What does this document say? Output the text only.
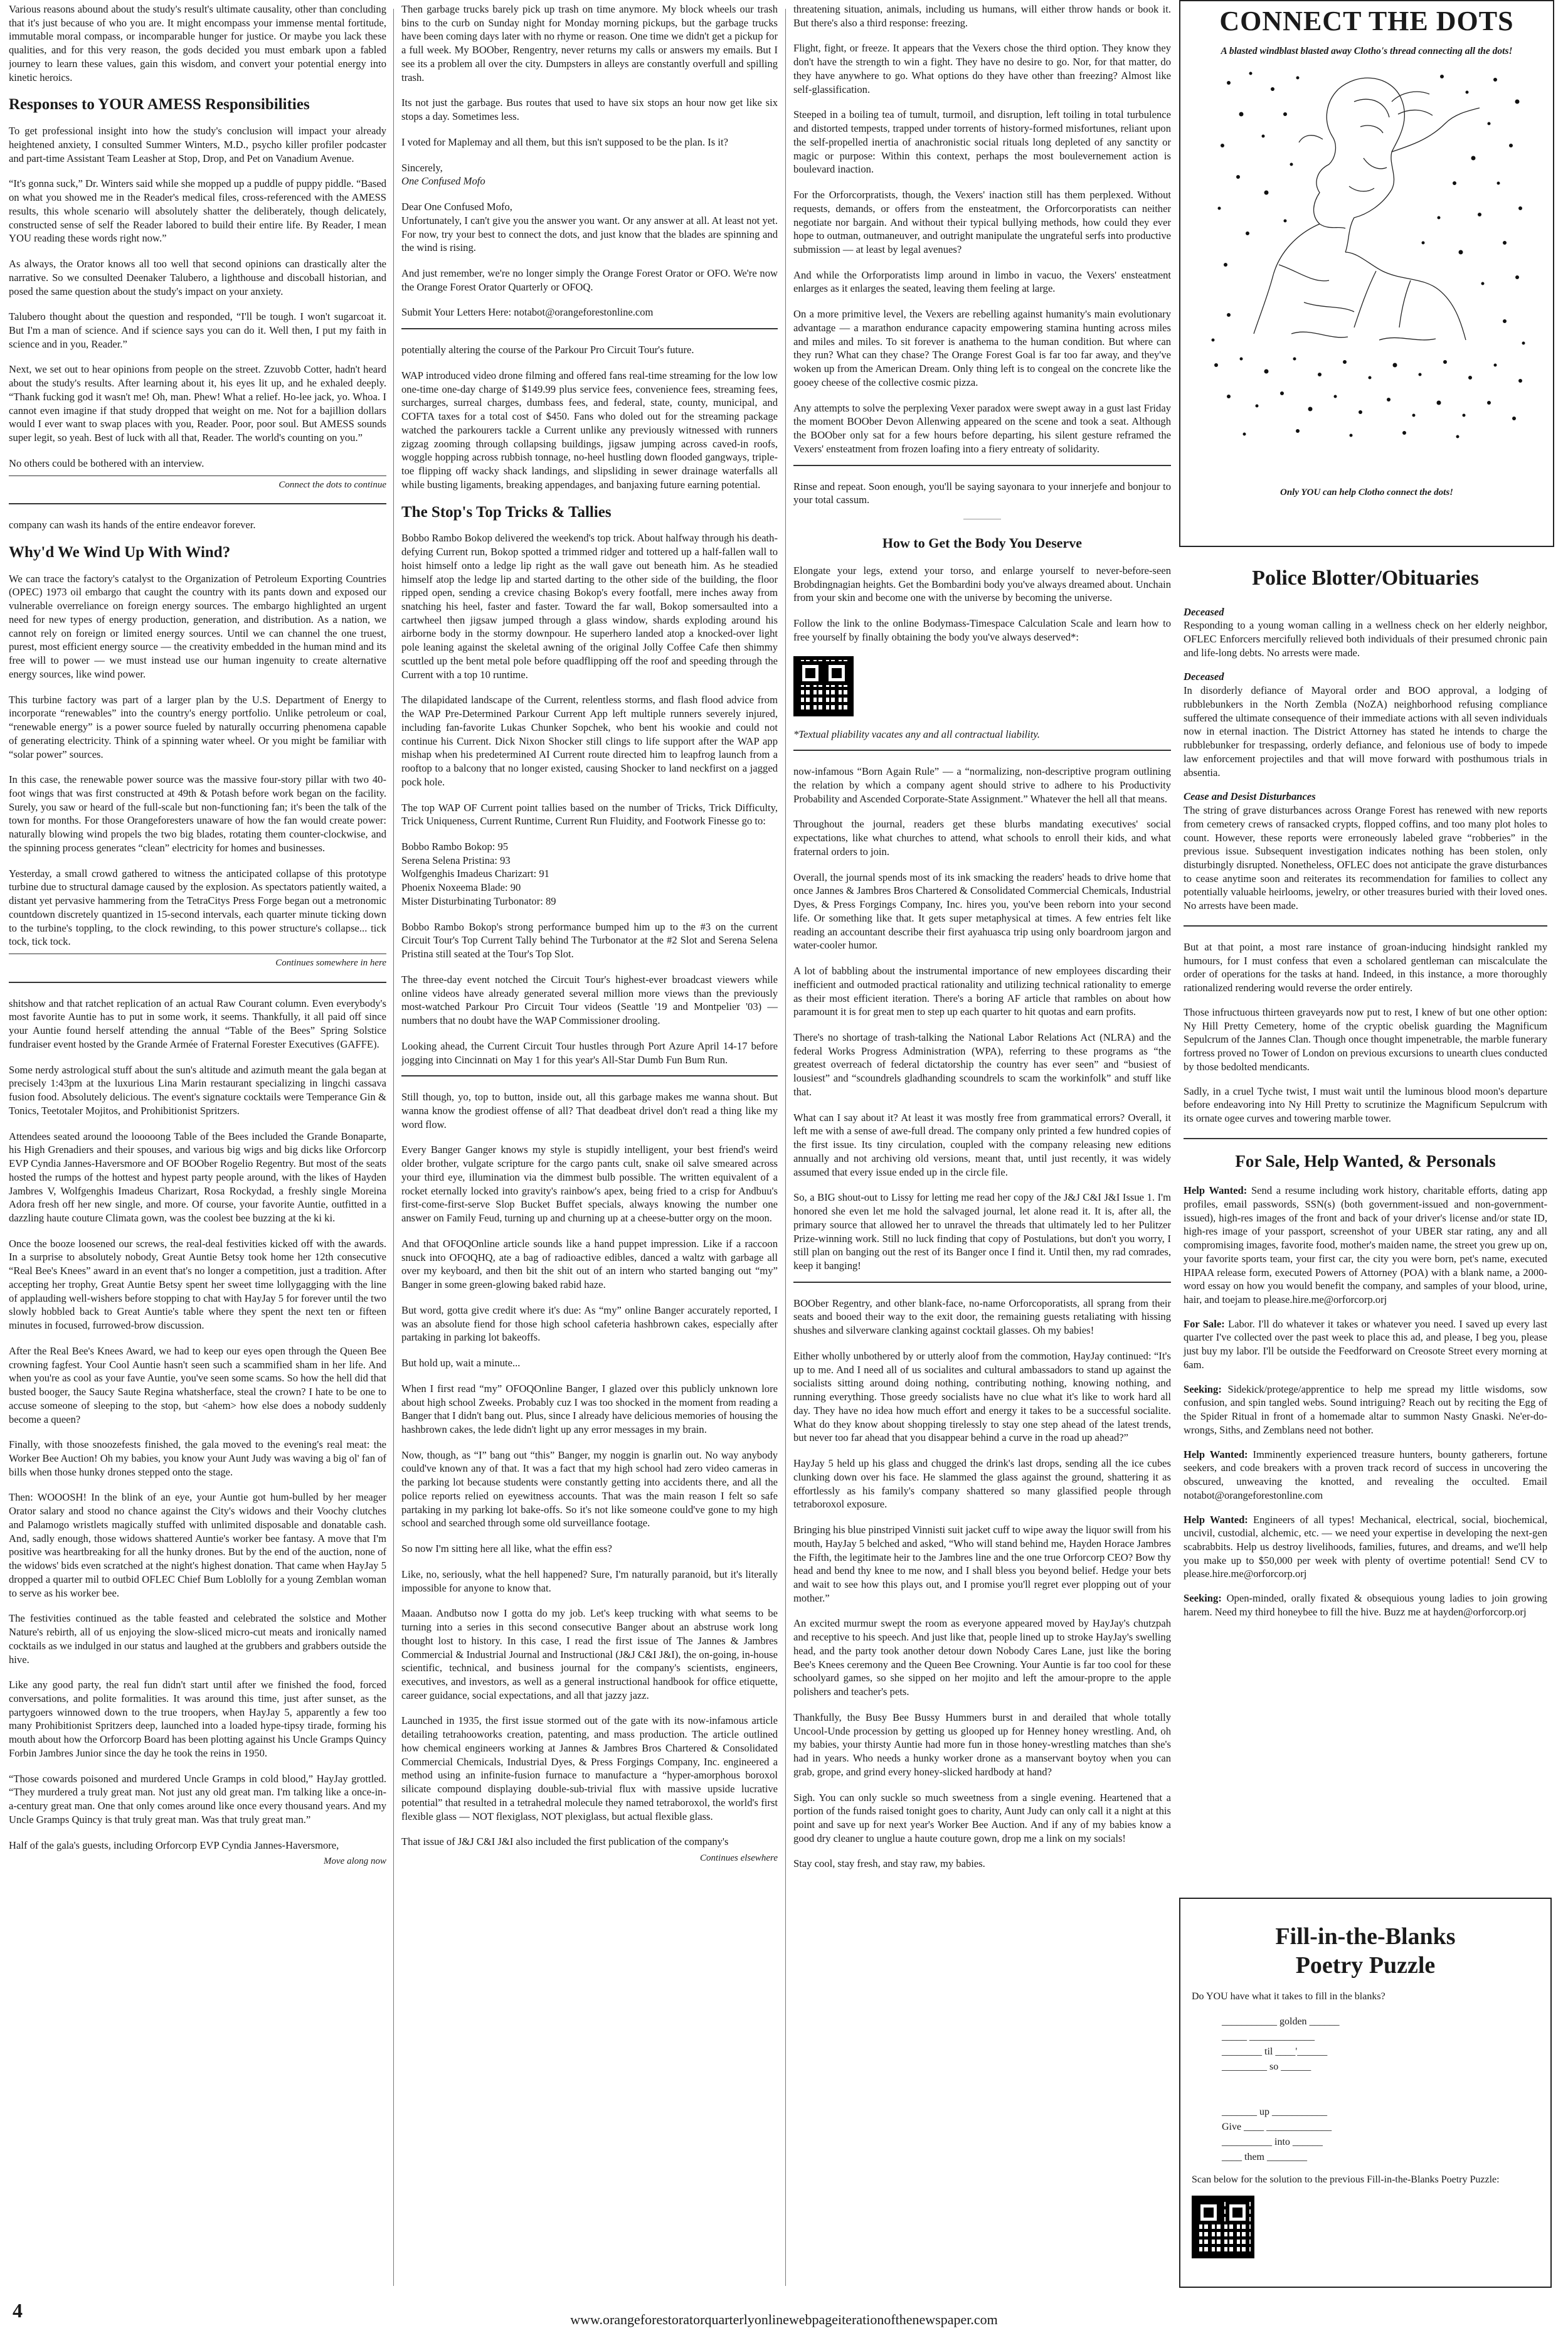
Various reasons abound about the study's result's ultimate causality, other than concluding that it's just because of who you are. It might encompass your immense mental fortitude, immutable moral compass, or incomparable hunger for justice. Or maybe you lack these qualities, and for this very reason, the gods decided you must embark upon a fabled journey to learn these values, gain this wisdom, and convert your potential energy into kinetic heroics.

Responses to YOUR AMESS Responsibilities

To get professional insight into how the study's conclusion will impact your already heightened anxiety, I consulted Summer Winters, M.D., psycho killer profiler podcaster and part-time Assistant Team Leasher at Stop, Drop, and Pet on Vanadium Avenue.

“It's gonna suck,” Dr. Winters said while she mopped up a puddle of puppy piddle. “Based on what you showed me in the Reader's medical files, cross-referenced with the AMESS results, this whole scenario will absolutely shatter the deliberately, though delicately, constructed sense of self the Reader labored to build their entire life. By Reader, I mean YOU reading these words right now.”

As always, the Orator knows all too well that second opinions can drastically alter the narrative. So we consulted Deenaker Talubero, a lighthouse and discoball historian, and posed the same question about the study's impact on your anxiety.

Talubero thought about the question and responded, “I'll be tough. I won't sugarcoat it. But I'm a man of science. And if science says you can do it. Well then, I put my faith in science and in you, Reader.”

Next, we set out to hear opinions from people on the street. Zzuvobb Cotter, hadn't heard about the study's results. After learning about it, his eyes lit up, and he exhaled deeply. “Thank fucking god it wasn't me! Oh, man. Phew! What a relief. Ho-lee jack, yo. Whoa. I cannot even imagine if that study dropped that weight on me. Not for a bajillion dollars would I ever want to swap places with you, Reader. Poor, poor soul. But AMESS sounds super legit, so yeah. Best of luck with all that, Reader. The world's counting on you.”

No others could be bothered with an interview.

Connect the dots to continue

company can wash its hands of the entire endeavor forever.

Why'd We Wind Up With Wind?

We can trace the factory's catalyst to the Organization of Petroleum Exporting Countries (OPEC) 1973 oil embargo that caught the country with its pants down and exposed our vulnerable overreliance on foreign energy sources. The embargo highlighted an urgent need for new types of energy production, generation, and distribution. As a nation, we cannot rely on foreign or limited energy sources. Until we can channel the one truest, purest, most efficient energy source — the creativity embedded in the human mind and its free will to power — we must instead use our human ingenuity to create alternative energy sources, like wind power.

This turbine factory was part of a larger plan by the U.S. Department of Energy to incorporate “renewables” into the country's energy portfolio. Unlike petroleum or coal, “renewable energy” is a power source fueled by naturally occurring phenomena capable of generating electricity. Think of a spinning water wheel. Or you might be familiar with “solar power” sources.

In this case, the renewable power source was the massive four-story pillar with two 40-foot wings that was first constructed at 49th & Potash before work began on the facility. Surely, you saw or heard of the full-scale but non-functioning fan; it's been the talk of the town for months. For those Orangeforesters unaware of how the fan would create power: naturally blowing wind propels the two big blades, rotating them counter-clockwise, and the spinning process generates “clean” electricity for homes and businesses.

Yesterday, a small crowd gathered to witness the anticipated collapse of this prototype turbine due to structural damage caused by the explosion. As spectators patiently waited, a distant yet pervasive hammering from the TetraCitys Press Forge began out a metronomic countdown discretely quantized in 15-second intervals, each quarter minute ticking down to the turbine's toppling, to the clock rewinding, to this power structure's collapse... tick tock, tick tock.

Continues somewhere in here

shitshow and that ratchet replication of an actual Raw Courant column. Even everybody's most favorite Auntie has to put in some work, it seems. Thankfully, it all paid off since your Auntie found herself attending the annual “Table of the Bees” Spring Solstice fundraiser event hosted by the Grande Armée of Fraternal Forester Executives (GAFFE).

Some nerdy astrological stuff about the sun's altitude and azimuth meant the gala began at precisely 1:43pm at the luxurious Lina Marin restaurant specializing in lingchi cassava fusion food. Absolutely delicious. The event's signature cocktails were Temperance Gin & Tonics, Teetotaler Mojitos, and Prohibitionist Spritzers.

Attendees seated around the looooong Table of the Bees included the Grande Bonaparte, his High Grenadiers and their spouses, and various big wigs and big dicks like Orforcorp EVP Cyndia Jannes-Haversmore and OF BOOber Rogelio Regentry. But most of the seats hosted the rumps of the hottest and hypest party people around, with the likes of Hayden Jambres V, Wolfgenghis Imadeus Charizart, Rosa Rockydad, a freshly single Moreina Adora fresh off her new single, and more. Of course, your favorite Auntie, outfitted in a dazzling haute couture Climata gown, was the coolest bee buzzing at the ki ki.

Once the booze loosened our screws, the real-deal festivities kicked off with the awards. In a surprise to absolutely nobody, Great Auntie Betsy took home her 12th consecutive “Real Bee's Knees” award in an event that's no longer a competition, just a tradition. After accepting her trophy, Great Auntie Betsy spent her sweet time lollygagging with the line of applauding well-wishers before stopping to chat with HayJay 5 for forever until the two slowly hobbled back to Great Auntie's table where they spent the next ten or fifteen minutes in focused, furrowed-brow discussion.

After the Real Bee's Knees Award, we had to keep our eyes open through the Queen Bee crowning fagfest. Your Cool Auntie hasn't seen such a scammified sham in her life. And when you're as cool as your fave Auntie, you've seen some scams. So how the hell did that busted booger, the Saucy Saute Regina whatsherface, steal the crown? I hate to be one to accuse someone of sleeping to the stop, but <ahem> how else does a nobody suddenly become a queen?

Finally, with those snoozefests finished, the gala moved to the evening's real meat: the Worker Bee Auction! Oh my babies, you know your Aunt Judy was waving a big ol' fan of bills when those hunky drones stepped onto the stage.

Then: WOOOSH! In the blink of an eye, your Auntie got hum-bulled by her meager Orator salary and stood no chance against the City's widows and their Voochy clutches and Palamogo wristlets magically stuffed with unlimited disposable and donatable cash. And, sadly enough, those widows shattered Auntie's worker bee fantasy. A move that I'm positive was heartbreaking for all the hunky drones. But by the end of the auction, none of the widows' bids even scratched at the night's highest donation. That came when HayJay 5 dropped a quarter mil to outbid OFLEC Chief Bum Loblolly for a young Zemblan woman to serve as his worker bee.

The festivities continued as the table feasted and celebrated the solstice and Mother Nature's rebirth, all of us enjoying the slow-sliced micro-cut meats and ironically named cocktails as we indulged in our status and laughed at the grubbers and grabbers outside the hive.

Like any good party, the real fun didn't start until after we finished the food, forced conversations, and polite formalities. It was around this time, just after sunset, as the partygoers winnowed down to the true troopers, when HayJay 5, apparently a few too many Prohibitionist Spritzers deep, launched into a loaded hype-tipsy tirade, forming his mouth about how the Orforcorp Board has been plotting against his Uncle Gramps Quincy Forbin Jambres Junior since the day he took the reins in 1950.

“Those cowards poisoned and murdered Uncle Gramps in cold blood,” HayJay grottled. “They murdered a truly great man. Not just any old great man. I'm talking like a once-in-a-century great man. One that only comes around like once every thousand years. And my Uncle Gramps Quincy is that truly great man. Was that truly great man.”

Half of the gala's guests, including Orforcorp EVP Cyndia Jannes-Haversmore,

Move along now

Then garbage trucks barely pick up trash on time anymore. My block wheels our trash bins to the curb on Sunday night for Monday morning pickups, but the garbage trucks have been coming days later with no rhyme or reason. One time we didn't get a pickup for a full week. My BOOber, Rengentry, never returns my calls or answers my emails. But I see its a problem all over the city. Dumpsters in alleys are constantly overfull and spilling trash.

Its not just the garbage. Bus routes that used to have six stops an hour now get like six stops a day. Sometimes less.

I voted for Maplemay and all them, but this isn't supposed to be the plan. Is it?

Sincerely,

One Confused Mofo

Dear One Confused Mofo,

Unfortunately, I can't give you the answer you want. Or any answer at all. At least not yet. For now, try your best to connect the dots, and just know that the blades are spinning and the wind is rising.

And just remember, we're no longer simply the Orange Forest Orator or OFO. We're now the Orange Forest Orator Quarterly or OFOQ.

Submit Your Letters Here: notabot@orangeforestonline.com

potentially altering the course of the Parkour Pro Circuit Tour's future.

WAP introduced video drone filming and offered fans real-time streaming for the low low one-time one-day charge of $149.99 plus service fees, convenience fees, streaming fees, surcharges, surreal charges, dumbass fees, and federal, state, county, municipal, and COFTA taxes for a total cost of $450. Fans who doled out for the streaming package watched the parkourers tackle a Current unlike any previously witnessed with runners zigzag zooming through collapsing buildings, jigsaw jumping across caved-in roofs, woggle hopping across rubbish tonnage, no-heel hustling down flooded gangways, triple-toe flipping off wacky shack landings, and slipsliding in sewer drainage waterfalls all while busting ligaments, breaking appendages, and banjaxing future earning potential.

The Stop's Top Tricks & Tallies

Bobbo Rambo Bokop delivered the weekend's top trick. About halfway through his death-defying Current run, Bokop spotted a trimmed ridger and tottered up a half-fallen wall to hoist himself onto a ledge lip right as the wall gave out beneath him. As he steadied himself atop the ledge lip and started darting to the other side of the building, the floor ripped open, sending a crevice chasing Bokop's every footfall, mere inches away from snatching his heel, faster and faster. Toward the far wall, Bokop somersaulted into a cartwheel then jigsaw jumped through a glass window, shards exploding around his airborne body in the stormy downpour. He superhero landed atop a knocked-over light pole leaning against the skeletal awning of the original Jolly Coffee Cafe then shimmy scuttled up the bent metal pole before quadflipping off the roof and speeding through the Current with a top 10 runtime.

The dilapidated landscape of the Current, relentless storms, and flash flood advice from the WAP Pre-Determined Parkour Current App left multiple runners severely injured, including fan-favorite Lukas Chunker Sopchek, who bent his wookie and could not continue his Current. Dick Nixon Shocker still clings to life support after the WAP app mishap when his predetermined AI Current route directed him to leapfrog launch from a rooftop to a balcony that no longer existed, causing Shocker to land neckfirst on a jagged pock hole.

The top WAP OF Current point tallies based on the number of Tricks, Trick Difficulty, Trick Uniqueness, Current Runtime, Current Run Fluidity, and Footwork Finesse go to:

Bobbo Rambo Bokop: 95
Serena Selena Pristina: 93
Wolfgenghis Imadeus Charizart: 91
Phoenix Noxeema Blade: 90
Mister Disturbinating Turbonator: 89

Bobbo Rambo Bokop's strong performance bumped him up to the #3 on the current Circuit Tour's Top Current Tally behind The Turbonator at the #2 Slot and Serena Selena Pristina still seated at the Tour's Top Slot.

The three-day event notched the Circuit Tour's highest-ever broadcast viewers while online videos have already generated several million more views than the previously most-watched Parkour Pro Circuit Tour videos (Seattle '19 and Montpelier '03) — numbers that no doubt have the WAP Commissioner drooling.

Looking ahead, the Current Circuit Tour hustles through Port Azure April 14-17 before jogging into Cincinnati on May 1 for this year's All-Star Dumb Fun Bum Run.

Still though, yo, top to button, inside out, all this garbage makes me wanna shout. But wanna know the grodiest offense of all? That deadbeat drivel don't read a thing like my word flow.

Every Banger Ganger knows my style is stupidly intelligent, your best friend's weird older brother, vulgate scripture for the cargo pants cult, snake oil salve smeared across your third eye, illumination via the dimmest bulb possible. The written equivalent of a rocket eternally locked into gravity's rainbow's apex, being fried to a crisp for Andbuu's first-come-first-serve Slop Bucket Buffet specials, always knowing the number one answer on Family Feud, turning up and churning up at a cheese-butter orgy on the moon.

And that OFOQOnline article sounds like a hand puppet impression. Like if a raccoon snuck into OFOQHQ, ate a bag of radioactive edibles, danced a waltz with garbage all over my keyboard, and then bit the shit out of an intern who started banging out “my” Banger in some green-glowing baked rabid haze.

But word, gotta give credit where it's due: As “my” online Banger accurately reported, I was an absolute fiend for those high school cafeteria hashbrown cakes, especially after partaking in parking lot bakeoffs.

But hold up, wait a minute...

When I first read “my” OFOQOnline Banger, I glazed over this publicly unknown lore about high school Zweeks. Probably cuz I was too shocked in the moment from reading a Banger that I didn't bang out. Plus, since I already have delicious memories of housing the hashbrown cakes, the lede didn't light up any error messages in my brain.

Now, though, as “I” bang out “this” Banger, my noggin is gnarlin out. No way anybody could've known any of that. It was a fact that my high school had zero video cameras in the parking lot because students were constantly getting into accidents there, and all the police reports relied on eyewitness accounts. That was the main reason I felt so safe partaking in my parking lot bake-offs. So it's not like someone could've gone to my high school and searched through some old surveillance footage.

So now I'm sitting here all like, what the effin ess?

Like, no, seriously, what the hell happened? Sure, I'm naturally paranoid, but it's literally impossible for anyone to know that.

Maaan. Andbutso now I gotta do my job. Let's keep trucking with what seems to be turning into a series in this second consecutive Banger about an abstruse work long thought lost to history. In this case, I read the first issue of The Jannes & Jambres Commercial & Industrial Journal and Instructional (J&J C&I J&I), the on-going, in-house scientific, technical, and business journal for the company's scientists, engineers, executives, and investors, as well as a general instructional handbook for office etiquette, career guidance, social expectations, and all that jazzy jazz.

Launched in 1935, the first issue stormed out of the gate with its now-infamous article detailing tetrahooworks creation, patenting, and mass production. The article outlined how chemical engineers working at Jannes & Jambres Bros Chartered & Consolidated Commercial Chemicals, Industrial Dyes, & Press Forgings Company, Inc. engineered a method using an infinite-fusion furnace to manufacture a “hyper-amorphous boroxol silicate compound displaying double-sub-trivial flux with massive upside lucrative potential” that resulted in a tetrahedral molecule they named tetraboroxol, the world's first flexible glass — NOT flexiglass, NOT plexiglass, but actual flexible glass.

That issue of J&J C&I J&I also included the first publication of the company's

Continues elsewhere

threatening situation, animals, including us humans, will either throw hands or book it. But there's also a third response: freezing.

Flight, fight, or freeze. It appears that the Vexers chose the third option. They know they don't have the strength to win a fight. They have no desire to go. Nor, for that matter, do they have anywhere to go. What options do they have other than freezing? Almost like self-glassification.

Steeped in a boiling tea of tumult, turmoil, and disruption, left toiling in total turbulence and distorted tempests, trapped under torrents of history-formed misfortunes, reliant upon the self-propelled inertia of anachronistic social rituals long depleted of any sanctity or magic or purpose: Within this context, perhaps the most boulevernement action is boulevard inaction.

For the Orforcorpratists, though, the Vexers' inaction still has them perplexed. Without requests, demands, or offers from the ensteatment, the Orforcorporatists can neither negotiate nor bargain. And without their typical bullying methods, how could they ever hope to outman, outmaneuver, and outright manipulate the ungrateful serfs into productive submission — at least by legal avenues?

And while the Orforporatists limp around in limbo in vacuo, the Vexers' ensteatment enlarges as it enlarges the seated, leaving them feeling at large.

On a more primitive level, the Vexers are rebelling against humanity's main evolutionary advantage — a marathon endurance capacity empowering stamina hunting across miles and miles and miles. To sit forever is anathema to the human condition. But where can they run? What can they chase? The Orange Forest Goal is far too far away, and they've woken up from the American Dream. Only thing left is to congeal on the concrete like the gooey cheese of the collective cosmic pizza.

Any attempts to solve the perplexing Vexer paradox were swept away in a gust last Friday the moment BOOber Devon Allenwing appeared on the scene and took a seat. Although the BOOber only sat for a few hours before departing, his silent gesture reframed the Vexers' ensteatment from frozen loafing into a fiery entreaty of solidarity.

Rinse and repeat. Soon enough, you'll be saying sayonara to your innerjefe and bonjour to your total cassum.

How to Get the Body You Deserve

Elongate your legs, extend your torso, and enlarge yourself to never-before-seen Brobdingnagian heights. Get the Bombardini body you've always dreamed about. Unchain from your skin and become one with the universe by becoming the universe.

Follow the link to the online Bodymass-Timespace Calculation Scale and learn how to free yourself by finally obtaining the body you've always deserved*:

*Textual pliability vacates any and all contractual liability.

now-infamous “Born Again Rule” — a “normalizing, non-descriptive program outlining the relation by which a company agent should strive to adhere to his Productivity Probability and Ascended Corporate-State Assignment.” Whatever the hell all that means.

Throughout the journal, readers get these blurbs mandating executives' social expectations, like what churches to attend, what schools to enroll their kids, and what fraternal orders to join.

Overall, the journal spends most of its ink smacking the readers' heads to drive home that once Jannes & Jambres Bros Chartered & Consolidated Commercial Chemicals, Industrial Dyes, & Press Forgings Company, Inc. hires you, you've been reborn into your second life. Or something like that. It gets super metaphysical at times. A few entries felt like reading an accountant describe their first ayahuasca trip using only boardroom jargon and water-cooler humor.

A lot of babbling about the instrumental importance of new employees discarding their inefficient and outmoded practical rationality and utilizing technical rationality to emerge as their most efficient iteration. There's a boring AF article that rambles on about how paramount it is for great men to step up each quarter to hit quotas and earn profits.

There's no shortage of trash-talking the National Labor Relations Act (NLRA) and the federal Works Progress Administration (WPA), referring to these programs as “the greatest overreach of federal dictatorship the country has ever seen” and “busiest of lousiest” and “scoundrels gladhanding scoundrels to scam the workinfolk” and stuff like that.

What can I say about it? At least it was mostly free from grammatical errors? Overall, it left me with a sense of awe-full dread. The company only printed a few hundred copies of the first issue. Its tiny circulation, coupled with the company releasing new editions annually and not archiving old versions, meant that, until just recently, it was widely assumed that every issue ended up in the circle file.

So, a BIG shout-out to Lissy for letting me read her copy of the J&J C&I J&I Issue 1. I'm honored she even let me hold the salvaged journal, let alone read it. It is, after all, the primary source that allowed her to unravel the threads that ultimately led to her Pulitzer Prize-winning work. Still no luck finding that copy of Postulations, but don't you worry, I still plan on banging out the rest of its Banger once I find it. Until then, my rad comrades, keep it banging!

BOOber Regentry, and other blank-face, no-name Orforcoporatists, all sprang from their seats and booed their way to the exit door, the remaining guests retaliating with hissing shushes and silverware clanking against cocktail glasses. Oh my babies!

Either wholly unbothered by or utterly aloof from the commotion, HayJay continued: “It's up to me. And I need all of us socialites and cultural ambassadors to stand up against the socialists sitting around doing nothing, contributing nothing, knowing nothing, and running everything. Those greedy socialists have no clue what it's like to work hard all day. They have no idea how much effort and energy it takes to be a successful socialite. What do they know about shopping tirelessly to stay one step ahead of the latest trends, but never too far ahead that you disappear behind a curve in the road up ahead?”

HayJay 5 held up his glass and chugged the drink's last drops, sending all the ice cubes clunking down over his face. He slammed the glass against the ground, shattering it as effortlessly as his family's company shattered so many glassified people through tetraboroxol exposure.

Bringing his blue pinstriped Vinnisti suit jacket cuff to wipe away the liquor swill from his mouth, HayJay 5 belched and asked, “Who will stand behind me, Hayden Horace Jambres the Fifth, the legitimate heir to the Jambres line and the one true Orforcorp CEO? Bow thy head and bend thy knee to me now, and I shall bless you beyond belief. Hedge your bets and wait to see how this plays out, and I promise you'll regret ever plopping out of your mother.”

An excited murmur swept the room as everyone appeared moved by HayJay's chutzpah and receptive to his speech. And just like that, people lined up to stroke HayJay's swelling head, and the party took another detour down Nobody Cares Lane, just like the boring Bee's Knees ceremony and the Queen Bee Crowning. Your Auntie is far too cool for these schoolyard games, so she sipped on her mojito and left the amour-propre to the apple polishers and teacher's pets.

Thankfully, the Busy Bee Bussy Hummers burst in and derailed that whole totally Uncool-Unde procession by getting us glooped up for Henney honey wrestling. And, oh my babies, your thirsty Auntie had more fun in those honey-wrestling matches than she's had in years. Who needs a hunky worker drone as a manservant boytoy when you can grab, grope, and grind every honey-slicked hardbody at hand?

Sigh. You can only suckle so much sweetness from a single evening. Heartened that a portion of the funds raised tonight goes to charity, Aunt Judy can only call it a night at this point and save up for next year's Worker Bee Auction. And if any of my babies know a good dry cleaner to unglue a haute couture gown, drop me a link on my socials!

Stay cool, stay fresh, and stay raw, my babies.

CONNECT THE DOTS
A blasted windblast blasted away Clotho's thread connecting all the dots!
Only YOU can help Clotho connect the dots!
Police Blotter/Obituaries

Deceased
Responding to a young woman calling in a wellness check on her elderly neighbor, OFLEC Enforcers mercifully relieved both individuals of their presumed chronic pain and life-long debts. No arrests were made.

Deceased
In disorderly defiance of Mayoral order and BOO approval, a lodging of rubblebunkers in the North Zembla (NoZA) neighborhood refusing compliance suffered the ultimate consequence of their immediate actions with all seven individuals now in eternal inaction. The District Attorney has stated he intends to charge the rubblebunker for trespassing, orderly defiance, and felonious use of body to impede law enforcement projectiles and that will move forward with posthumous trials in absentia.

Cease and Desist Disturbances
The string of grave disturbances across Orange Forest has renewed with new reports from cemetery crews of ransacked crypts, flopped coffins, and too many plot holes to count. However, these reports were erroneously labeled grave “robberies” in the previous issue. Subsequent investigation indicates nothing has been stolen, only disturbingly disrupted. Nonetheless, OFLEC does not anticipate the grave disturbances to cease anytime soon and reiterates its recommendation for families to collect any potentially valuable heirlooms, jewelry, or other treasures buried with their loved ones. No arrests have been made.

But at that point, a most rare instance of groan-inducing hindsight rankled my humours, for I must confess that even a scholared gentleman can miscalculate the order of operations for the tasks at hand. Indeed, in this instance, a more thoroughly rationalized rendering would reverse the order entirely.

Those infructuous thirteen graveyards now put to rest, I knew of but one other option: Ny Hill Pretty Cemetery, home of the cryptic obelisk guarding the Magnificum Sepulcrum of the Jannes Clan. Though once thought impenetrable, the marble funerary fortress proved no Tower of London on previous excursions to unearth clues conducted by those bedolted mendicants.

Sadly, in a cruel Tyche twist, I must wait until the luminous blood moon's departure before endeavoring into Ny Hill Pretty to scrutinize the Magnificum Sepulcrum with its ornate ogee curves and towering marble tower.

For Sale, Help Wanted, & Personals

Help Wanted: Send a resume including work history, charitable efforts, dating app profiles, email passwords, SSN(s) (both government-issued and non-government-issued), high-res images of the front and back of your driver's license and/or state ID, high-res image of your passport, screenshot of your UBER star rating, any and all compromising images, favorite food, mother's maiden name, the street you grew up on, your favorite sports team, your first car, the city you were born, pet's name, executed HIPAA release form, executed Powers of Attorney (POA) with a blank name, a 2000-word essay on how you would benefit the company, and samples of your blood, urine, hair, and toejam to please.hire.me@orforcorp.orj

For Sale: Labor. I'll do whatever it takes or whatever you need. I saved up every last quarter I've collected over the past week to place this ad, and please, I beg you, please just buy my labor. I'll be outside the Feedforward on Creosote Street every morning at 6am.

Seeking: Sidekick/protege/apprentice to help me spread my little wisdoms, sow confusion, and spin tangled webs. Sound intriguing? Reach out by reciting the Egg of the Spider Ritual in front of a homemade altar to summon Nasty Gnaski. Ne'er-do-wrongs, Siths, and Zemblans need not bother.

Help Wanted: Imminently experienced treasure hunters, bounty gatherers, fortune seekers, and code breakers with a proven track record of success in uncovering the obscured, unweaving the knotted, and revealing the occulted. Email notabot@orangeforestonline.com

Help Wanted: Engineers of all types! Mechanical, electrical, social, biochemical, uncivil, custodial, alchemic, etc. — we need your expertise in developing the next-gen scabrabbits. Help us destroy livelihoods, families, futures, and dreams, and we'll help you make up to $50,000 per week with plenty of overtime potential! Send CV to please.hire.me@orforcorp.orj

Seeking: Open-minded, orally fixated & obsequious young ladies to join growing harem. Need my third honeybee to fill the hive. Buzz me at hayden@orforcorp.orj

Fill-in-the-Blanks Poetry Puzzle

Do YOU have what it takes to fill in the blanks?

___________ golden ______
_____ _____________
________ til ____'______
_________ so ______

_______ up ___________
Give ____ _____________
__________ into ______
____ them ________

Scan below for the solution to the previous Fill-in-the-Blanks Poetry Puzzle:

4	www.orangeforestoratorquarterlyonlinewebpageiterationofthenewspaper.com
